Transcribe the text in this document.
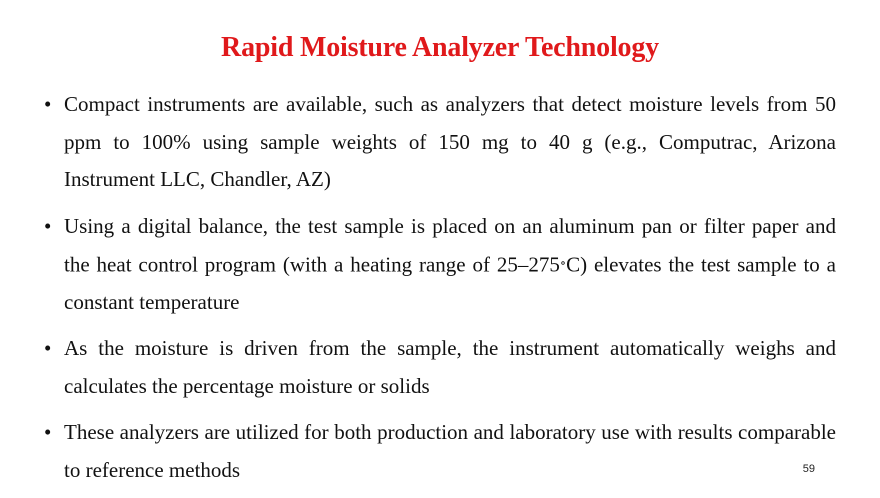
Rapid Moisture Analyzer Technology
• Compact instruments are available, such as analyzers that detect moisture levels from 50 ppm to 100% using sample weights of 150 mg to 40 g (e.g., Computrac, Arizona Instrument LLC, Chandler, AZ)
• Using a digital balance, the test sample is placed on an aluminum pan or filter paper and the heat control program (with a heating range of 25–275∘C) elevates the test sample to a constant temperature
• As the moisture is driven from the sample, the instrument automatically weighs and calculates the percentage moisture or solids
• These analyzers are utilized for both production and laboratory use with results comparable to reference methods	59
